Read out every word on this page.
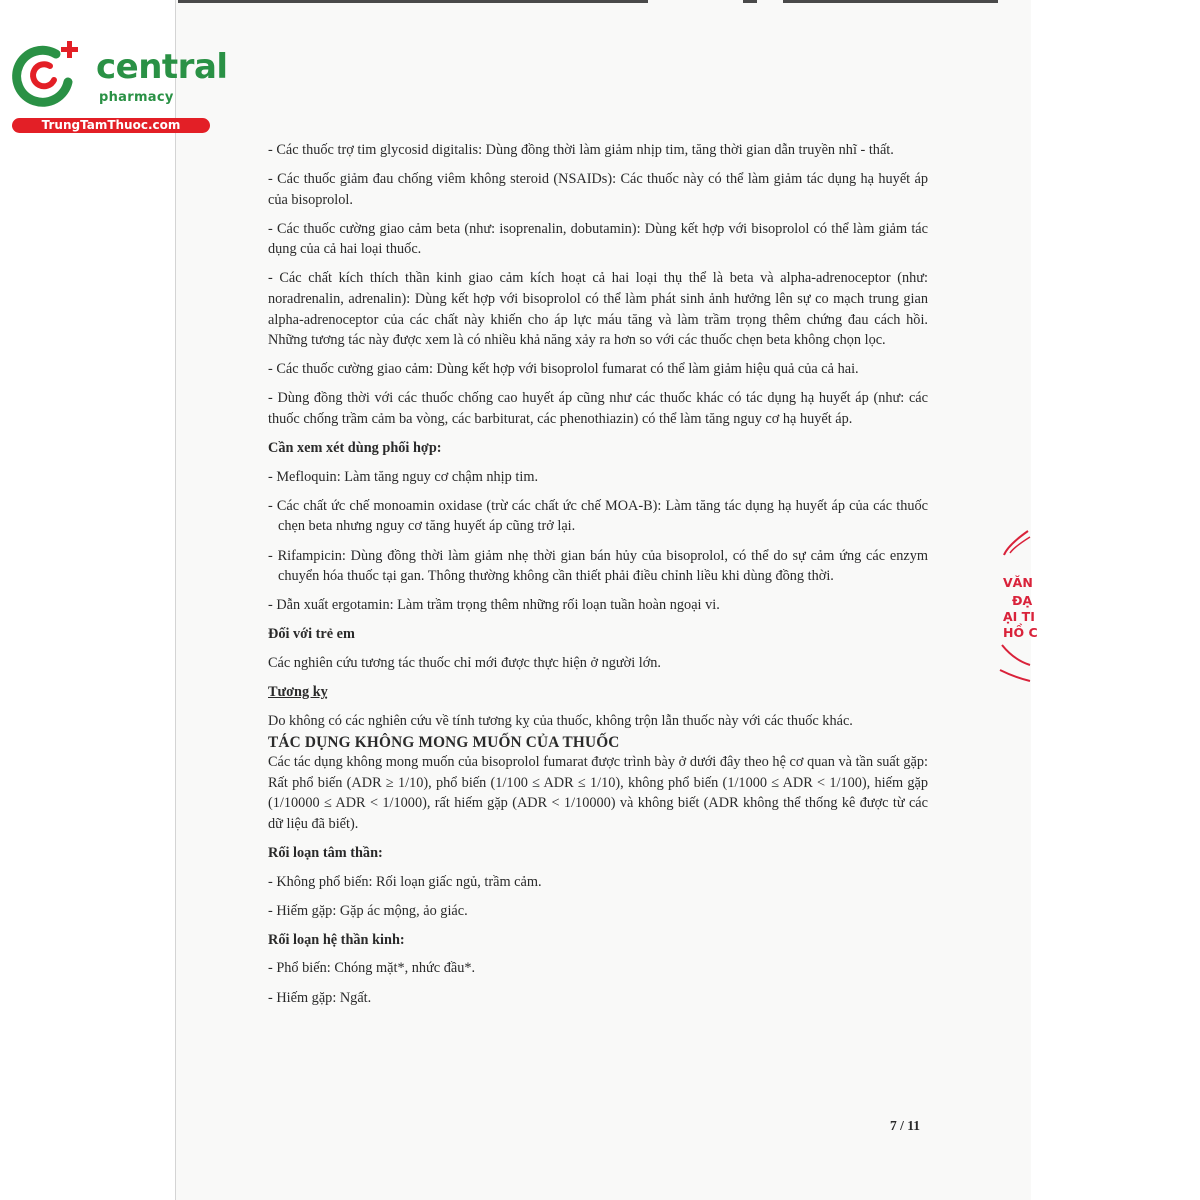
central
pharmacy
TrungTamThuoc.com

- Các thuốc trợ tim glycosid digitalis: Dùng đồng thời làm giảm nhịp tim, tăng thời gian dẫn truyền nhĩ - thất.

- Các thuốc giảm đau chống viêm không steroid (NSAIDs): Các thuốc này có thể làm giảm tác dụng hạ huyết áp của bisoprolol.

- Các thuốc cường giao cảm beta (như: isoprenalin, dobutamin): Dùng kết hợp với bisoprolol có thể làm giảm tác dụng của cả hai loại thuốc.

- Các chất kích thích thần kinh giao cảm kích hoạt cả hai loại thụ thể là beta và alpha-adrenoceptor (như: noradrenalin, adrenalin): Dùng kết hợp với bisoprolol có thể làm phát sinh ảnh hưởng lên sự co mạch trung gian alpha-adrenoceptor của các chất này khiến cho áp lực máu tăng và làm trầm trọng thêm chứng đau cách hồi. Những tương tác này được xem là có nhiều khả năng xảy ra hơn so với các thuốc chẹn beta không chọn lọc.

- Các thuốc cường giao cảm: Dùng kết hợp với bisoprolol fumarat có thể làm giảm hiệu quả của cả hai.

- Dùng đồng thời với các thuốc chống cao huyết áp cũng như các thuốc khác có tác dụng hạ huyết áp (như: các thuốc chống trầm cảm ba vòng, các barbiturat, các phenothiazin) có thể làm tăng nguy cơ hạ huyết áp.

Cần xem xét dùng phối hợp:

- Mefloquin: Làm tăng nguy cơ chậm nhịp tim.

- Các chất ức chế monoamin oxidase (trừ các chất ức chế MOA-B): Làm tăng tác dụng hạ huyết áp của các thuốc chẹn beta nhưng nguy cơ tăng huyết áp cũng trở lại.

- Rifampicin: Dùng đồng thời làm giảm nhẹ thời gian bán hủy của bisoprolol, có thể do sự cảm ứng các enzym chuyển hóa thuốc tại gan. Thông thường không cần thiết phải điều chỉnh liều khi dùng đồng thời.

- Dẫn xuất ergotamin: Làm trầm trọng thêm những rối loạn tuần hoàn ngoại vi.

Đối với trẻ em

Các nghiên cứu tương tác thuốc chỉ mới được thực hiện ở người lớn.

Tương kỵ

Do không có các nghiên cứu về tính tương kỵ của thuốc, không trộn lẫn thuốc này với các thuốc khác.

TÁC DỤNG KHÔNG MONG MUỐN CỦA THUỐC

Các tác dụng không mong muốn của bisoprolol fumarat được trình bày ở dưới đây theo hệ cơ quan và tần suất gặp: Rất phổ biến (ADR ≥ 1/10), phổ biến (1/100 ≤ ADR ≤ 1/10), không phổ biến (1/1000 ≤ ADR < 1/100), hiếm gặp (1/10000 ≤ ADR < 1/1000), rất hiếm gặp (ADR < 1/10000) và không biết (ADR không thể thống kê được từ các dữ liệu đã biết).

Rối loạn tâm thần:

- Không phổ biến: Rối loạn giấc ngủ, trầm cảm.

- Hiếm gặp: Gặp ác mộng, ảo giác.

Rối loạn hệ thần kinh:

- Phổ biến: Chóng mặt*, nhức đầu*.

- Hiếm gặp: Ngất.

7 / 11
VĂN
ĐẠ
ẠI TI
HỒ C
